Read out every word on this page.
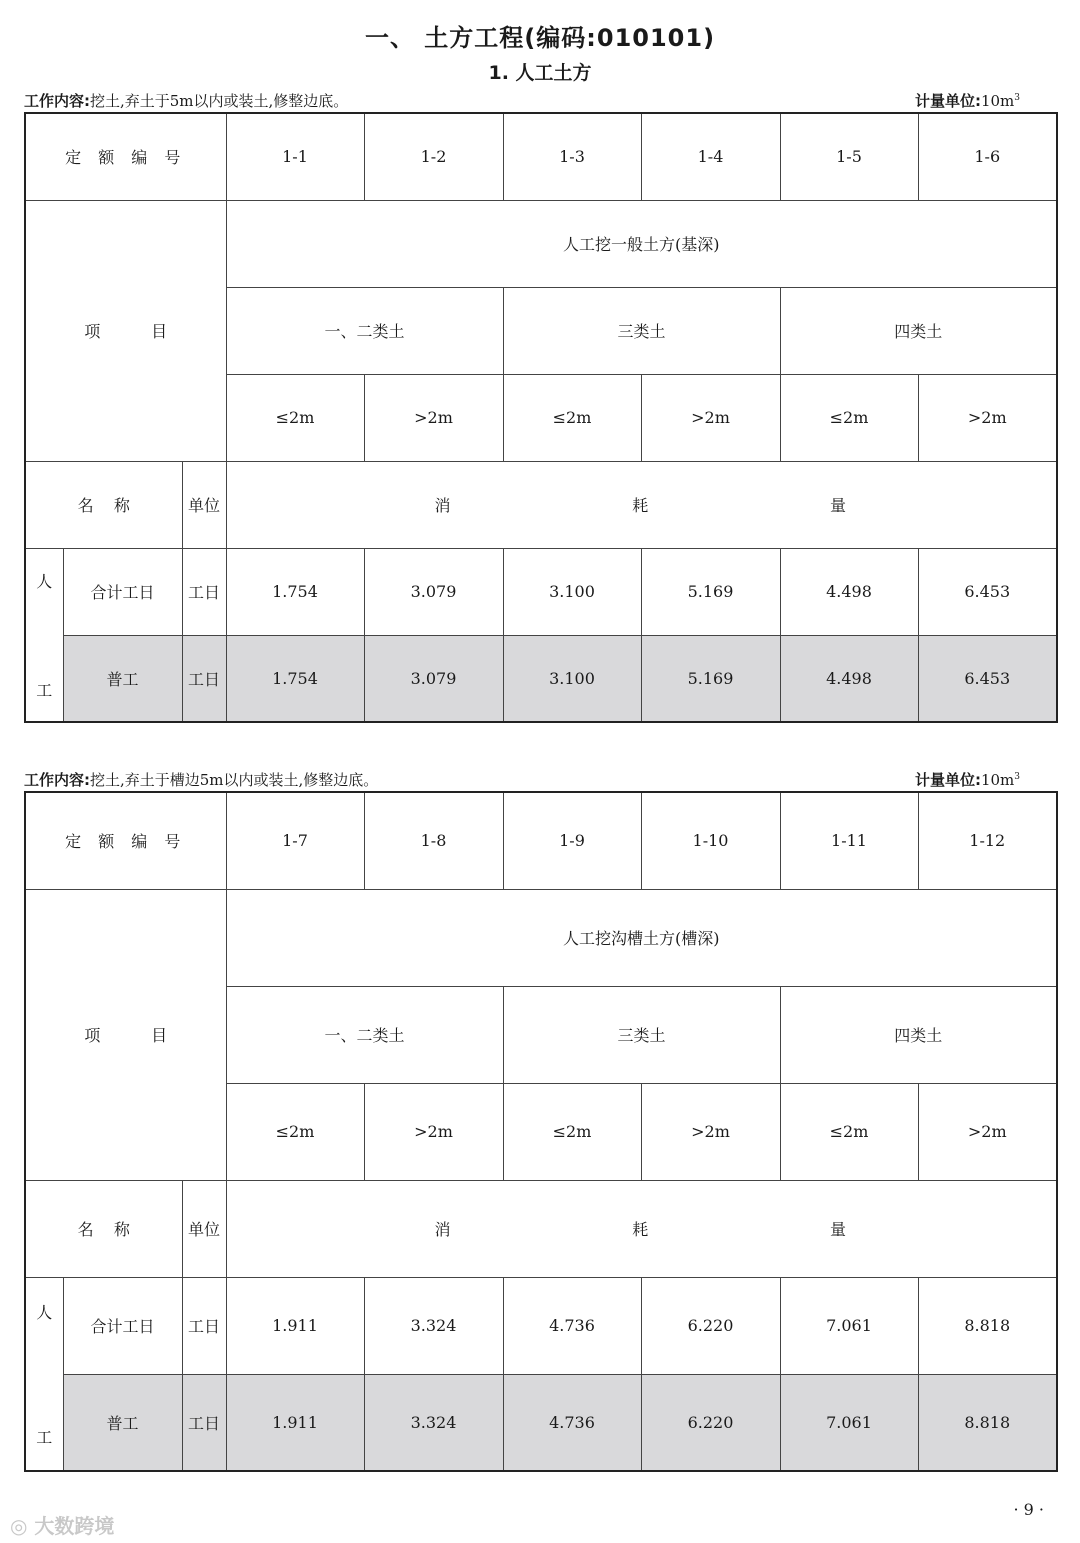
一、 土方工程(编码:010101)
1. 人工土方
工作内容:挖土,弃土于5m以内或装土,修整边底。	计量单位$:10m^3$
定 额 编 号			1-1	1-2	1-3	1-4	1-5	1-6
项          目			人工挖一般土方(基深)					
			一、二类土		三类土		四类土	
			≤2m	>2m	≤2m	>2m	≤2m	>2m
名    称		单位	消 耗 量					

人
工	合计工日	工日	1.754	3.079	3.100	5.169	4.498	6.453
	普工	工日	1.754	3.079	3.100	5.169	4.498	6.453
工作内容:挖土,弃土于槽边5m以内或装土,修整边底。	计量单位$:10m^3$
定 额 编 号			1-7	1-8	1-9	1-10	1-11	1-12
项          目			人工挖沟槽土方(槽深)					
			一、二类土		三类土		四类土	
			≤2m	>2m	≤2m	>2m	≤2m	>2m
名    称		单位	消 耗 量					

人
工	合计工日	工日	1.911	3.324	4.736	6.220	7.061	8.818
	普工	工日	1.911	3.324	4.736	6.220	7.061	8.818
◎ 大数跨境
· 9 ·
